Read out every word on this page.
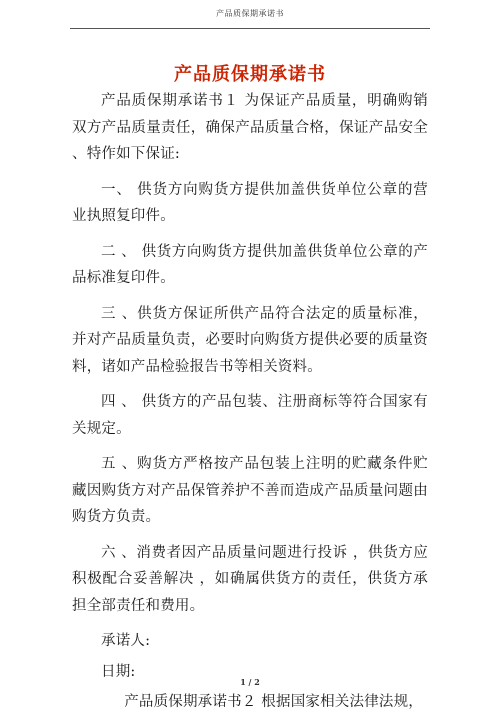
产品质保期承诺书
产品质保期承诺书

产品质保期承诺书１ 为保证产品质量，明确购销双方产品质量责任，确保产品质量合格，保证产品安全 、特作如下保证:

一、 供货方向购货方提供加盖供货单位公章的营业执照复印件。

二 、 供货方向购货方提供加盖供货单位公章的产品标准复印件。

三 、供货方保证所供产品符合法定的质量标准，并对产品质量负责，必要时向购货方提供必要的质量资料，诸如产品检验报告书等相关资料。

四 、 供货方的产品包装、注册商标等符合国家有关规定。

五 、购货方严格按产品包装上注明的贮藏条件贮藏因购货方对产品保管养护不善而造成产品质量问题由购货方负责。

六 、消费者因产品质量问题进行投诉 ，供货方应积极配合妥善解决 ，如确属供货方的责任，供货方承担全部责任和费用。

承诺人:

日期:

产品质保期承诺书２ 根据国家相关法律法规，

1 / 2
